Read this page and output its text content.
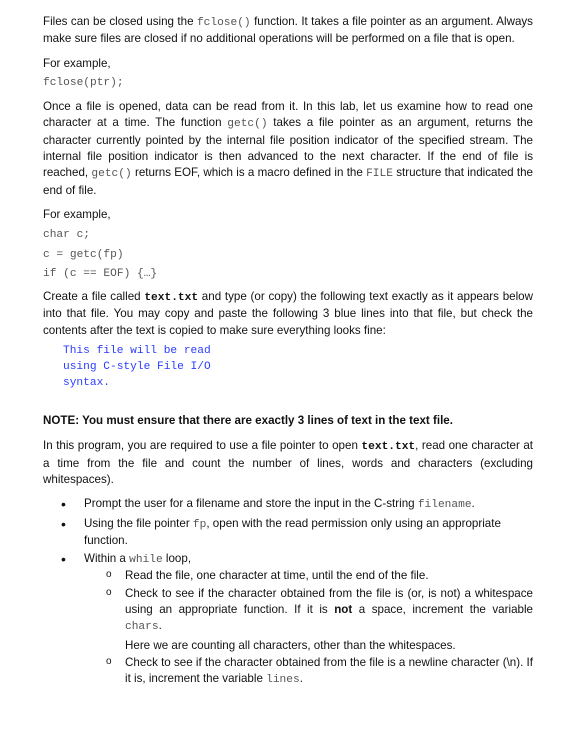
Files can be closed using the fclose() function. It takes a file pointer as an argument. Always make sure files are closed if no additional operations will be performed on a file that is open.

For example,

fclose(ptr);

Once a file is opened, data can be read from it. In this lab, let us examine how to read one character at a time. The function getc() takes a file pointer as an argument, returns the character currently pointed by the internal file position indicator of the specified stream. The internal file position indicator is then advanced to the next character. If the end of file is reached, getc() returns EOF, which is a macro defined in the FILE structure that indicated the end of file.

For example,

char c;

c = getc(fp)

if (c == EOF) {…}

Create a file called text.txt and type (or copy) the following text exactly as it appears below into that file. You may copy and paste the following 3 blue lines into that file, but check the contents after the text is copied to make sure everything looks fine:

This file will be read

using C-style File I/O

syntax.

NOTE: You must ensure that there are exactly 3 lines of text in the text file.

In this program, you are required to use a file pointer to open text.txt, read one character at a time from the file and count the number of lines, words and characters (excluding whitespaces).

• Prompt the user for a filename and store the input in the C-string filename.
• Using the file pointer fp, open with the read permission only using an appropriate function.
• Within a while loop,
o Read the file, one character at time, until the end of the file.
o Check to see if the character obtained from the file is (or, is not) a whitespace using an appropriate function. If it is not a space, increment the variable chars.

Here we are counting all characters, other than the whitespaces.

o Check to see if the character obtained from the file is a newline character (\n). If it is, increment the variable lines.
